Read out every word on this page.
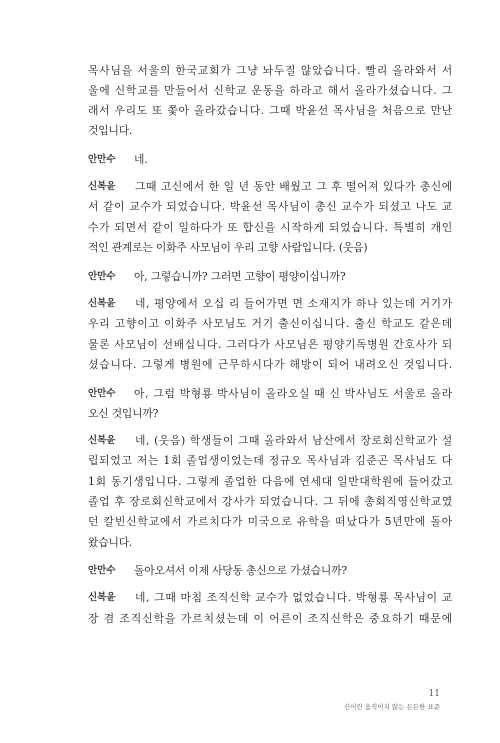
목사님을 서울의 한국교회가 그냥 놔두질 않았습니다. 빨리 올라와서 서
울에 신학교를 만들어서 신학교 운동을 하라고 해서 올라가셨습니다. 그
래서 우리도 또 쫓아 올라갔습니다. 그때 박윤선 목사님을 처음으로 만난
것입니다.
안만수 네.
신복윤 그때 고신에서 한 일 년 동안 배웠고 그 후 떨어져 있다가 총신에
서 같이 교수가 되었습니다. 박윤선 목사님이 총신 교수가 되셨고 나도 교
수가 되면서 같이 일하다가 또 합신을 시작하게 되었습니다. 특별히 개인
적인 관계로는 이화주 사모님이 우리 고향 사람입니다. (웃음)
안만수 아, 그렇습니까? 그러면 고향이 평양이십니까?
신복윤 네, 평양에서 오십 리 들어가면 면 소재지가 하나 있는데 거기가
우리 고향이고 이화주 사모님도 거기 출신이십니다. 출신 학교도 같은데
물론 사모님이 선배십니다. 그러다가 사모님은 평양기독병원 간호사가 되
셨습니다. 그렇게 병원에 근무하시다가 해방이 되어 내려오신 것입니다.
안만수 아, 그럼 박형룡 박사님이 올라오실 때 신 박사님도 서울로 올라
오신 것입니까?
신복윤 네, (웃음) 학생들이 그때 올라와서 남산에서 장로회신학교가 설
립되었고 저는 1회 졸업생이었는데 정규오 목사님과 김준곤 목사님도 다
1회 동기생입니다. 그렇게 졸업한 다음에 연세대 일반대학원에 들어갔고
졸업 후 장로회신학교에서 강사가 되었습니다. 그 뒤에 총회직영신학교였
던 칼빈신학교에서 가르치다가 미국으로 유학을 떠났다가 5년만에 돌아
왔습니다.
안만수 돌아오셔서 이제 사당동 총신으로 가셨습니까?
신복윤 네, 그때 마침 조직신학 교수가 없었습니다. 박형룡 목사님이 교
장 겸 조직신학을 가르치셨는데 이 어른이 조직신학은 중요하기 때문에
11
신어린 움직이지 않는 든든한 표준
